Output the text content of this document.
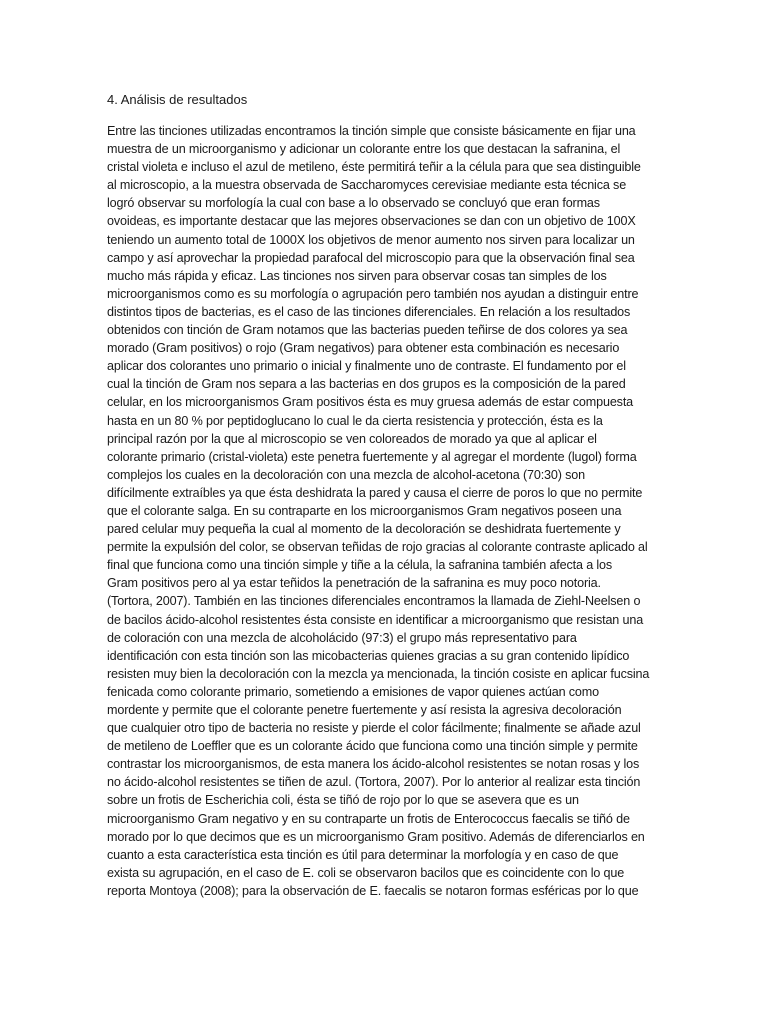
4. Análisis de resultados
Entre las tinciones utilizadas encontramos la tinción simple que consiste básicamente en fijar una
muestra de un microorganismo y adicionar un colorante entre los que destacan la safranina, el
cristal violeta e incluso el azul de metileno, éste permitirá teñir a la célula para que sea distinguible
al microscopio, a la muestra observada de Saccharomyces cerevisiae mediante esta técnica se
logró observar su morfología la cual con base a lo observado se concluyó que eran formas
ovoideas, es importante destacar que las mejores observaciones se dan con un objetivo de 100X
teniendo un aumento total de 1000X los objetivos de menor aumento nos sirven para localizar un
campo y así aprovechar la propiedad parafocal del microscopio para que la observación final sea
mucho más rápida y eficaz. Las tinciones nos sirven para observar cosas tan simples de los
microorganismos como es su morfología o agrupación pero también nos ayudan a distinguir entre
distintos tipos de bacterias, es el caso de las tinciones diferenciales. En relación a los resultados
obtenidos con tinción de Gram notamos que las bacterias pueden teñirse de dos colores ya sea
morado (Gram positivos) o rojo (Gram negativos) para obtener esta combinación es necesario
aplicar dos colorantes uno primario o inicial y finalmente uno de contraste. El fundamento por el
cual la tinción de Gram nos separa a las bacterias en dos grupos es la composición de la pared
celular, en los microorganismos Gram positivos ésta es muy gruesa además de estar compuesta
hasta en un 80 % por peptidoglucano lo cual le da cierta resistencia y protección, ésta es la
principal razón por la que al microscopio se ven coloreados de morado ya que al aplicar el
colorante primario (cristal-violeta) este penetra fuertemente y al agregar el mordente (lugol) forma
complejos los cuales en la decoloración con una mezcla de alcohol-acetona (70:30) son
difícilmente extraíbles ya que ésta deshidrata la pared y causa el cierre de poros lo que no permite
que el colorante salga. En su contraparte en los microorganismos Gram negativos poseen una
pared celular muy pequeña la cual al momento de la decoloración se deshidrata fuertemente y
permite la expulsión del color, se observan teñidas de rojo gracias al colorante contraste aplicado al
final que funciona como una tinción simple y tiñe a la célula, la safranina también afecta a los
Gram positivos pero al ya estar teñidos la penetración de la safranina es muy poco notoria.
(Tortora, 2007). También en las tinciones diferenciales encontramos la llamada de Ziehl-Neelsen o
de bacilos ácido-alcohol resistentes ésta consiste en identificar a microorganismo que resistan una
de coloración con una mezcla de alcoholácido (97:3) el grupo más representativo para
identificación con esta tinción son las micobacterias quienes gracias a su gran contenido lipídico
resisten muy bien la decoloración con la mezcla ya mencionada, la tinción cosiste en aplicar fucsina
fenicada como colorante primario, sometiendo a emisiones de vapor quienes actúan como
mordente y permite que el colorante penetre fuertemente y así resista la agresiva decoloración
que cualquier otro tipo de bacteria no resiste y pierde el color fácilmente; finalmente se añade azul
de metileno de Loeffler que es un colorante ácido que funciona como una tinción simple y permite
contrastar los microorganismos, de esta manera los ácido-alcohol resistentes se notan rosas y los
no ácido-alcohol resistentes se tiñen de azul. (Tortora, 2007). Por lo anterior al realizar esta tinción
sobre un frotis de Escherichia coli, ésta se tiñó de rojo por lo que se asevera que es un
microorganismo Gram negativo y en su contraparte un frotis de Enterococcus faecalis se tiñó de
morado por lo que decimos que es un microorganismo Gram positivo. Además de diferenciarlos en
cuanto a esta característica esta tinción es útil para determinar la morfología y en caso de que
exista su agrupación, en el caso de E. coli se observaron bacilos que es coincidente con lo que
reporta Montoya (2008); para la observación de E. faecalis se notaron formas esféricas por lo que
